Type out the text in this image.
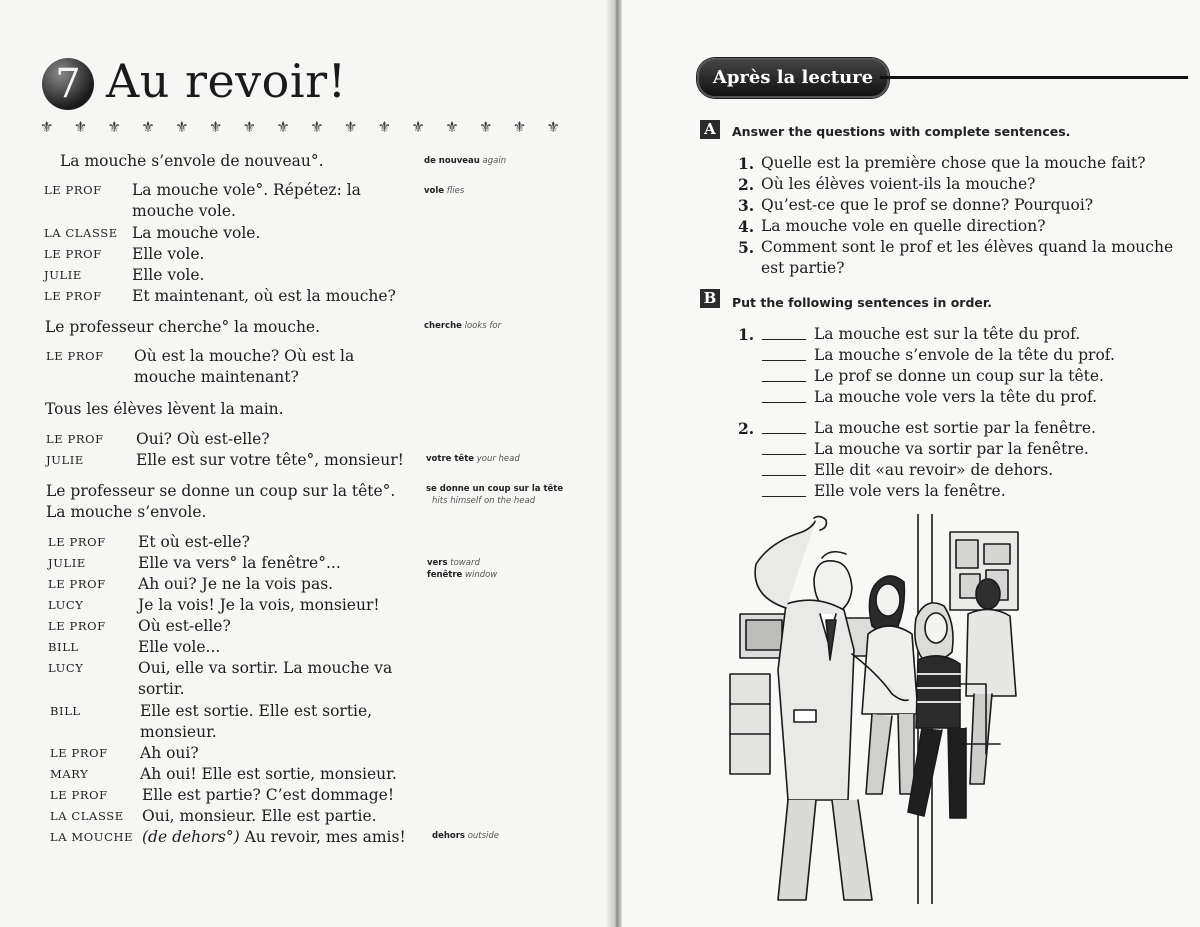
7 Au revoir!
⚜ ⚜ ⚜ ⚜ ⚜ ⚜ ⚜ ⚜ ⚜ ⚜ ⚜ ⚜ ⚜ ⚜ ⚜ ⚜
La mouche s’envole de nouveau°.
LE PROF La mouche vole°. Répétez: la
mouche vole.
LA CLASSE La mouche vole.
LE PROF Elle vole.
JULIE	Elle vole.
LE PROF Et maintenant, où est la mouche?
Le professeur cherche° la mouche.
LE PROF Où est la mouche? Où est la
mouche maintenant?
Tous les élèves lèvent la main.
LE PROF Oui? Où est-elle?
JULIE	Elle est sur votre tête°, monsieur!
Le professeur se donne un coup sur la tête°.
La mouche s’envole.
LE PROF Et où est-elle?
JULIE	Elle va vers° la fenêtre°...
LE PROF Ah oui? Je ne la vois pas.
LUCY	Je la vois! Je la vois, monsieur!
LE PROF Où est-elle?
BILL	Elle vole...
LUCY	Oui, elle va sortir. La mouche va
sortir.
BILL	Elle est sortie. Elle est sortie,
monsieur.
LE PROF Ah oui?
MARY	Ah oui! Elle est sortie, monsieur.
LE PROF Elle est partie? C’est dommage!
LA CLASSE Oui, monsieur. Elle est partie.
LA MOUCHE (de dehors°) Au revoir, mes amis!
de nouveau again
vole flies
cherche looks for
votre tête your head
se donne un coup sur la tête
hits himself on the head
vers toward
fenêtre window
dehors outside
Après la lecture
A	Answer the questions with complete sentences.
1. Quelle est la première chose que la mouche fait?
2. Où les élèves voient-ils la mouche?
3. Qu’est-ce que le prof se donne? Pourquoi?
4. La mouche vole en quelle direction?
5. Comment sont le prof et les élèves quand la mouche
est partie?
B Put the following sentences in order.
1.	La mouche est sur la tête du prof.
La mouche s’envole de la tête du prof.
Le prof se donne un coup sur la tête.
La mouche vole vers la tête du prof.
2.	La mouche est sortie par la fenêtre.
La mouche va sortir par la fenêtre.
Elle dit «au revoir» de dehors.
Elle vole vers la fenêtre.
